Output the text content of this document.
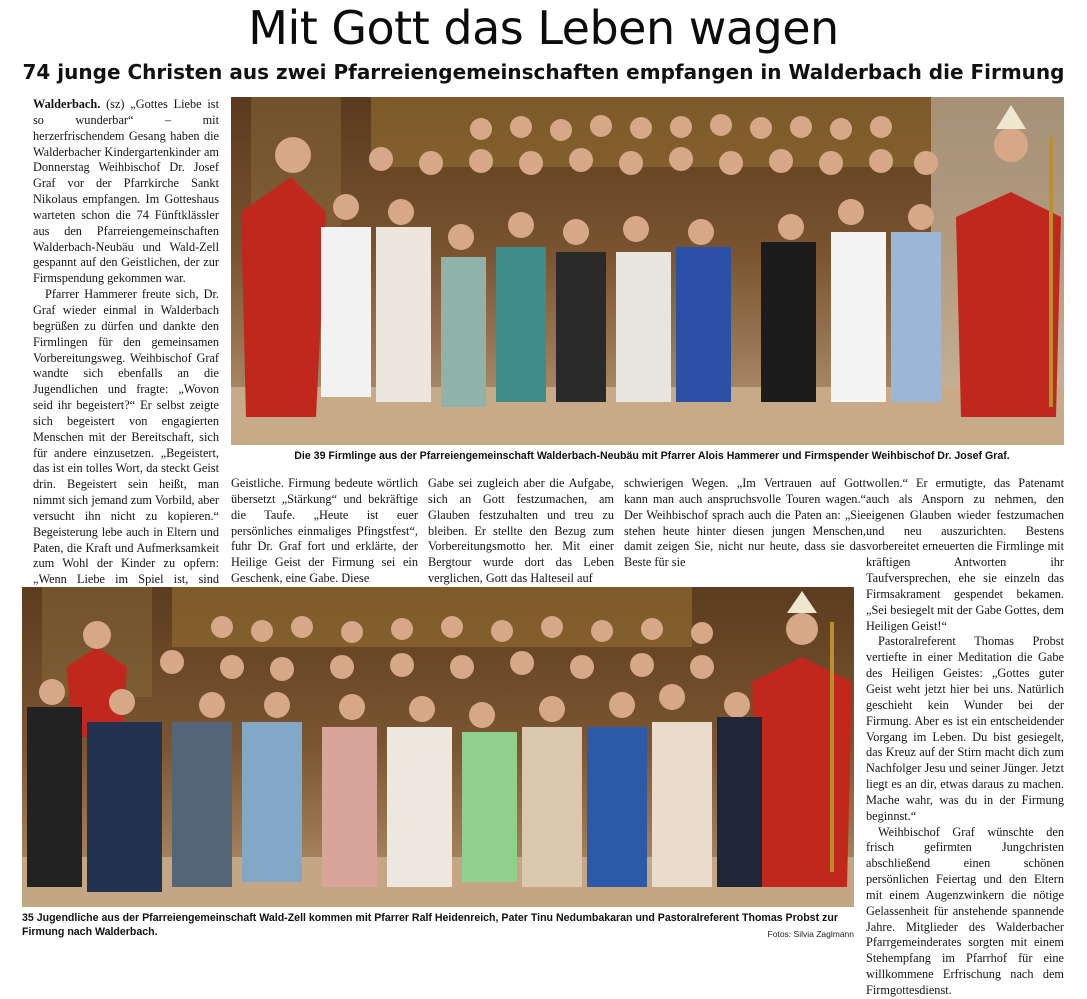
Mit Gott das Leben wagen
74 junge Christen aus zwei Pfarreiengemeinschaften empfangen in Walderbach die Firmung

Walderbach. (sz) „Gottes Liebe ist so wunderbar“ – mit herzerfrischendem Gesang haben die Walderbacher Kindergartenkinder am Donnerstag Weihbischof Dr. Josef Graf vor der Pfarrkirche Sankt Nikolaus empfangen. Im Gotteshaus warteten schon die 74 Fünftklässler aus den Pfarreiengemeinschaften Walderbach-Neubäu und Wald-Zell gespannt auf den Geistlichen, der zur Firmspendung gekommen war.

Pfarrer Hammerer freute sich, Dr. Graf wieder einmal in Walderbach begrüßen zu dürfen und dankte den Firmlingen für den gemeinsamen Vorbereitungsweg. Weihbischof Graf wandte sich ebenfalls an die Jugendlichen und fragte: „Wovon seid ihr begeistert?“ Er selbst zeigte sich begeistert von engagierten Menschen mit der Bereitschaft, sich für andere einzusetzen. „Begeistert, das ist ein tolles Wort, da steckt Geist drin. Begeistert sein heißt, man nimmt sich jemand zum Vorbild, aber versucht ihn nicht zu kopieren.“ Begeisterung lebe auch in Eltern und Paten, die Kraft und Aufmerksamkeit zum Wohl der Kinder zu opfern: „Wenn Liebe im Spiel ist, sind

Die 39 Firmlinge aus der Pfarreiengemeinschaft Walderbach-Neubäu mit Pfarrer Alois Hammerer und Firmspender Weihbischof Dr. Josef Graf.
Geistliche. Firmung bedeute wörtlich übersetzt „Stärkung“ und bekräftige die Taufe. „Heute ist euer persönliches einmaliges Pfingstfest“, fuhr Dr. Graf fort und erklärte, der Heilige Geist der Firmung sei ein Geschenk, eine Gabe. Diese
Gabe sei zugleich aber die Aufgabe, sich an Gott festzumachen, am Glauben festzuhalten und treu zu bleiben. Er stellte den Bezug zum Vorbereitungsmotto her. Mit einer Bergtour wurde dort das Leben verglichen, Gott das Halteseil auf
schwierigen Wegen. „Im Vertrauen auf Gott kann man auch anspruchsvolle Touren wagen.“ Der Weihbischof sprach auch die Paten an: „Sie stehen heute hinter diesen jungen Menschen, damit zeigen Sie, nicht nur heute, dass sie das Beste für sie

wollen.“ Er ermutigte, das Patenamt auch als Ansporn zu nehmen, den eigenen Glauben wieder festzumachen und neu auszurichten. Bestens vorbereitet erneuerten die Firmlinge mit kräftigen Antworten ihr Taufversprechen, ehe sie einzeln das Firmsakrament gespendet bekamen. „Sei besiegelt mit der Gabe Gottes, dem Heiligen Geist!“

Pastoralreferent Thomas Probst vertiefte in einer Meditation die Gabe des Heiligen Geistes: „Gottes guter Geist weht jetzt hier bei uns. Natürlich geschieht kein Wunder bei der Firmung. Aber es ist ein entscheidender Vorgang im Leben. Du bist gesiegelt, das Kreuz auf der Stirn macht dich zum Nachfolger Jesu und seiner Jünger. Jetzt liegt es an dir, etwas daraus zu machen. Mache wahr, was du in der Firmung beginnst.“

Weihbischof Graf wünschte den frisch gefirmten Jungchristen abschließend einen schönen persönlichen Feiertag und den Eltern mit einem Augenzwinkern die nötige Gelassenheit für anstehende spannende Jahre. Mitglieder des Walderbacher Pfarrgemeinderates sorgten mit einem Stehempfang im Pfarrhof für eine willkommene Erfrischung nach dem Firmgottesdienst.

35 Jugendliche aus der Pfarreiengemeinschaft Wald-Zell kommen mit Pfarrer Ralf Heidenreich, Pater Tinu Nedumbakaran und Pastoralreferent Thomas Probst zur Firmung nach Walderbach.	Fotos: Silvia Zaglmann
